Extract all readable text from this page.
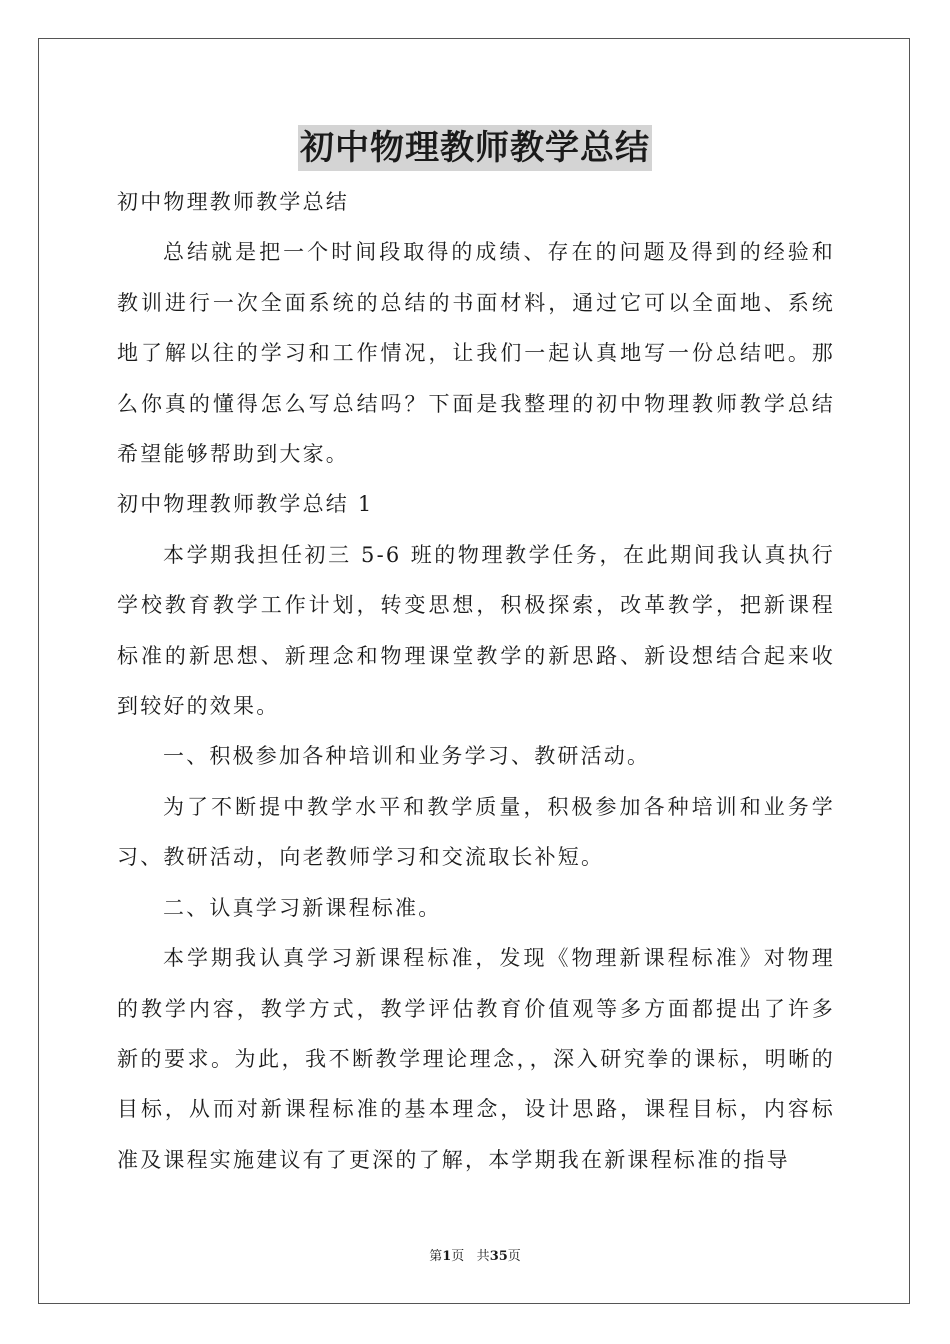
初中物理教师教学总结

初中物理教师教学总结

总结就是把一个时间段取得的成绩、存在的问题及得到的经验和教训进行一次全面系统的总结的书面材料，通过它可以全面地、系统地了解以往的学习和工作情况，让我们一起认真地写一份总结吧。那么你真的懂得怎么写总结吗？下面是我整理的初中物理教师教学总结希望能够帮助到大家。

初中物理教师教学总结 1

本学期我担任初三 5-6 班的物理教学任务，在此期间我认真执行学校教育教学工作计划，转变思想，积极探索，改革教学，把新课程标准的新思想、新理念和物理课堂教学的新思路、新设想结合起来收到较好的效果。

一、积极参加各种培训和业务学习、教研活动。

为了不断提中教学水平和教学质量，积极参加各种培训和业务学习、教研活动，向老教师学习和交流取长补短。

二、认真学习新课程标准。

本学期我认真学习新课程标准，发现《物理新课程标准》对物理的教学内容，教学方式，教学评估教育价值观等多方面都提出了许多新的要求。为此，我不断教学理论理念，，深入研究拳的课标，明晰的目标，从而对新课程标准的基本理念，设计思路，课程目标，内容标准及课程实施建议有了更深的了解，本学期我在新课程标准的指导

第1页 共35页
